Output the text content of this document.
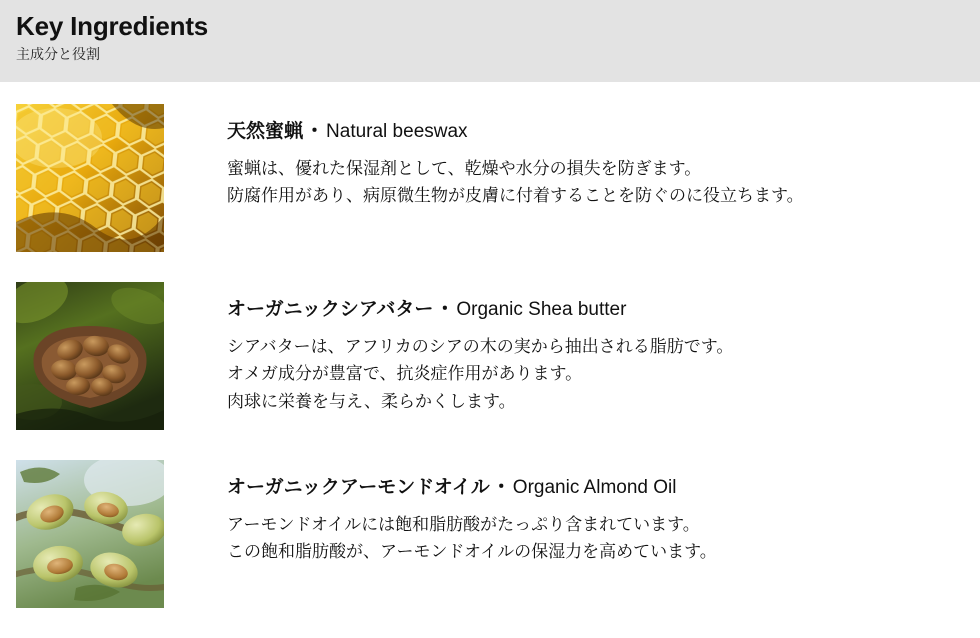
Key Ingredients

主成分と役割

天然蜜蝋 ・ Natural beeswax

蜜蝋は、優れた保湿剤として、乾燥や水分の損失を防ぎます。

防腐作用があり、病原微生物が皮膚に付着することを防ぐのに役立ちます。

オーガニックシアバター ・ Organic Shea butter

シアバターは、アフリカのシアの木の実から抽出される脂肪です。

オメガ成分が豊富で、抗炎症作用があります。

肉球に栄養を与え、柔らかくします。

オーガニックアーモンドオイル ・ Organic Almond Oil

アーモンドオイルには飽和脂肪酸がたっぷり含まれています。

この飽和脂肪酸が、アーモンドオイルの保湿力を高めています。
